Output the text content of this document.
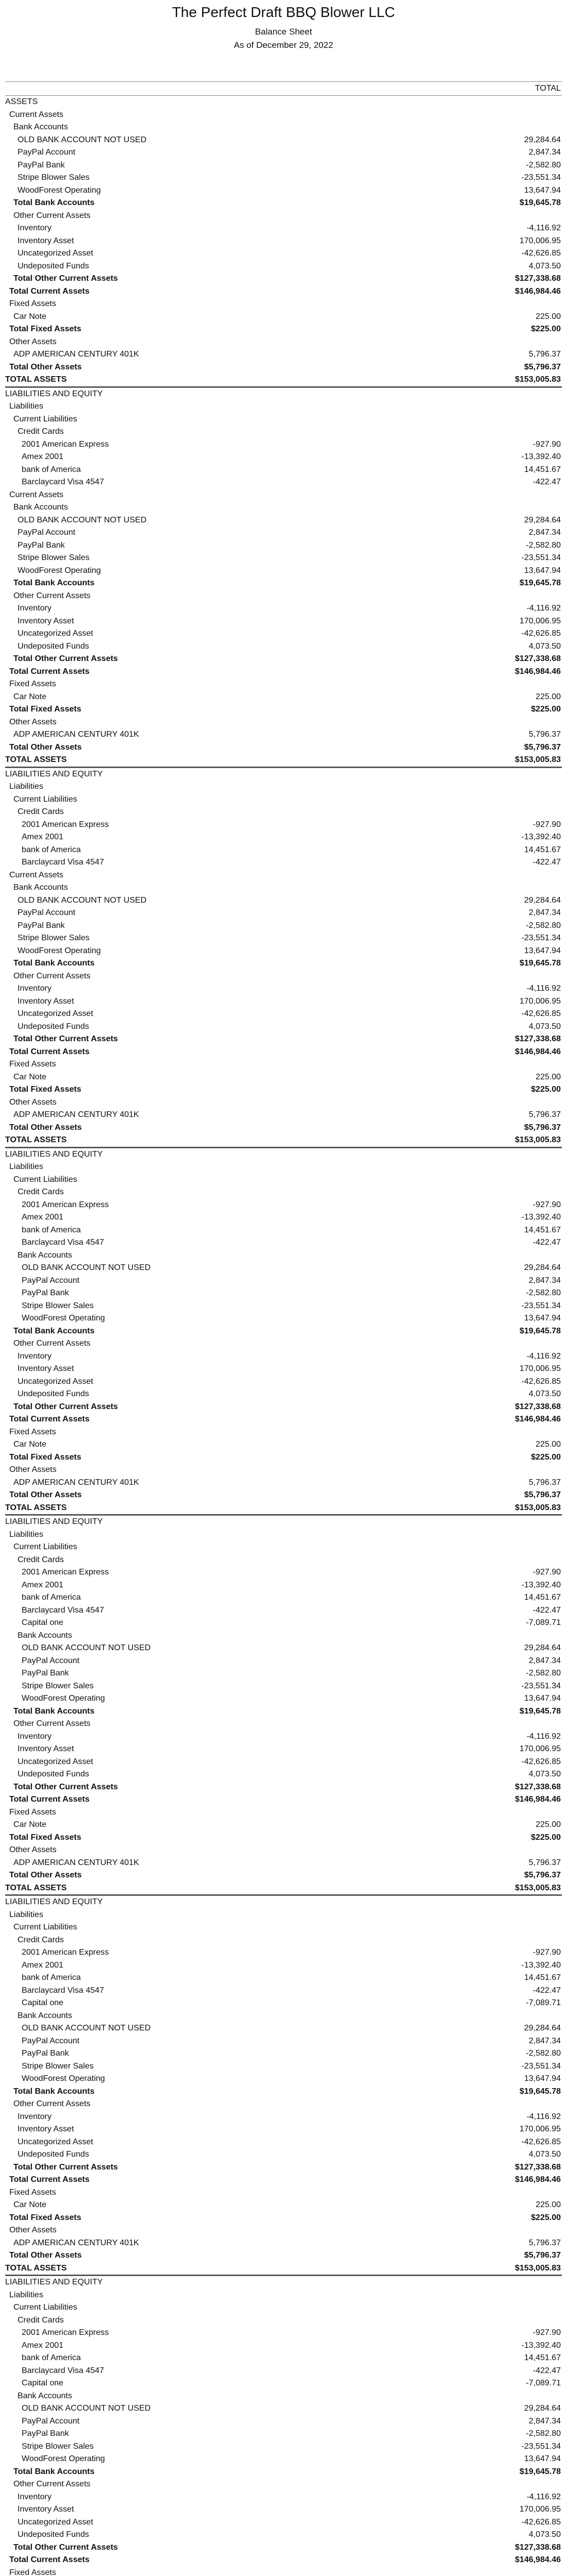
The Perfect Draft BBQ Blower LLC
Balance Sheet
As of December 29, 2022
TOTAL
ASSETS
Current Assets
Bank Accounts
OLD BANK ACCOUNT NOT USED	29,284.64
PayPal Account	2,847.34
PayPal Bank	-2,582.80
Stripe Blower Sales	-23,551.34
WoodForest Operating	13,647.94
Total Bank Accounts	$19,645.78
Other Current Assets
Inventory	-4,116.92
Inventory Asset	170,006.95
Uncategorized Asset	-42,626.85
Undeposited Funds	4,073.50
Total Other Current Assets	$127,338.68
Total Current Assets	$146,984.46
Fixed Assets
Car Note	225.00
Total Fixed Assets	$225.00
Other Assets
ADP AMERICAN CENTURY 401K	5,796.37
Total Other Assets	$5,796.37
TOTAL ASSETS	$153,005.83
LIABILITIES AND EQUITY
Liabilities
Current Liabilities
Credit Cards
2001 American Express	-927.90
Amex 2001	-13,392.40
bank of America	14,451.67
Barclaycard Visa 4547	-422.47
Current Assets
Bank Accounts
OLD BANK ACCOUNT NOT USED	29,284.64
PayPal Account	2,847.34
PayPal Bank	-2,582.80
Stripe Blower Sales	-23,551.34
WoodForest Operating	13,647.94
Total Bank Accounts	$19,645.78
Other Current Assets
Inventory	-4,116.92
Inventory Asset	170,006.95
Uncategorized Asset	-42,626.85
Undeposited Funds	4,073.50
Total Other Current Assets	$127,338.68
Total Current Assets	$146,984.46
Fixed Assets
Car Note	225.00
Total Fixed Assets	$225.00
Other Assets
ADP AMERICAN CENTURY 401K	5,796.37
Total Other Assets	$5,796.37
TOTAL ASSETS	$153,005.83
LIABILITIES AND EQUITY
Liabilities
Current Liabilities
Credit Cards
2001 American Express	-927.90
Amex 2001	-13,392.40
bank of America	14,451.67
Barclaycard Visa 4547	-422.47
Current Assets
Bank Accounts
OLD BANK ACCOUNT NOT USED	29,284.64
PayPal Account	2,847.34
PayPal Bank	-2,582.80
Stripe Blower Sales	-23,551.34
WoodForest Operating	13,647.94
Total Bank Accounts	$19,645.78
Other Current Assets
Inventory	-4,116.92
Inventory Asset	170,006.95
Uncategorized Asset	-42,626.85
Undeposited Funds	4,073.50
Total Other Current Assets	$127,338.68
Total Current Assets	$146,984.46
Fixed Assets
Car Note	225.00
Total Fixed Assets	$225.00
Other Assets
ADP AMERICAN CENTURY 401K	5,796.37
Total Other Assets	$5,796.37
TOTAL ASSETS	$153,005.83
LIABILITIES AND EQUITY
Liabilities
Current Liabilities
Credit Cards
2001 American Express	-927.90
Amex 2001	-13,392.40
bank of America	14,451.67
Barclaycard Visa 4547	-422.47
Bank Accounts
OLD BANK ACCOUNT NOT USED	29,284.64
PayPal Account	2,847.34
PayPal Bank	-2,582.80
Stripe Blower Sales	-23,551.34
WoodForest Operating	13,647.94
Total Bank Accounts	$19,645.78
Other Current Assets
Inventory	-4,116.92
Inventory Asset	170,006.95
Uncategorized Asset	-42,626.85
Undeposited Funds	4,073.50
Total Other Current Assets	$127,338.68
Total Current Assets	$146,984.46
Fixed Assets
Car Note	225.00
Total Fixed Assets	$225.00
Other Assets
ADP AMERICAN CENTURY 401K	5,796.37
Total Other Assets	$5,796.37
TOTAL ASSETS	$153,005.83
LIABILITIES AND EQUITY
Liabilities
Current Liabilities
Credit Cards
2001 American Express	-927.90
Amex 2001	-13,392.40
bank of America	14,451.67
Barclaycard Visa 4547	-422.47
Capital one	-7,089.71
Bank Accounts
OLD BANK ACCOUNT NOT USED	29,284.64
PayPal Account	2,847.34
PayPal Bank	-2,582.80
Stripe Blower Sales	-23,551.34
WoodForest Operating	13,647.94
Total Bank Accounts	$19,645.78
Other Current Assets
Inventory	-4,116.92
Inventory Asset	170,006.95
Uncategorized Asset	-42,626.85
Undeposited Funds	4,073.50
Total Other Current Assets	$127,338.68
Total Current Assets	$146,984.46
Fixed Assets
Car Note	225.00
Total Fixed Assets	$225.00
Other Assets
ADP AMERICAN CENTURY 401K	5,796.37
Total Other Assets	$5,796.37
TOTAL ASSETS	$153,005.83
LIABILITIES AND EQUITY
Liabilities
Current Liabilities
Credit Cards
2001 American Express	-927.90
Amex 2001	-13,392.40
bank of America	14,451.67
Barclaycard Visa 4547	-422.47
Capital one	-7,089.71
Bank Accounts
OLD BANK ACCOUNT NOT USED	29,284.64
PayPal Account	2,847.34
PayPal Bank	-2,582.80
Stripe Blower Sales	-23,551.34
WoodForest Operating	13,647.94
Total Bank Accounts	$19,645.78
Other Current Assets
Inventory	-4,116.92
Inventory Asset	170,006.95
Uncategorized Asset	-42,626.85
Undeposited Funds	4,073.50
Total Other Current Assets	$127,338.68
Total Current Assets	$146,984.46
Fixed Assets
Car Note	225.00
Total Fixed Assets	$225.00
Other Assets
ADP AMERICAN CENTURY 401K	5,796.37
Total Other Assets	$5,796.37
TOTAL ASSETS	$153,005.83
LIABILITIES AND EQUITY
Liabilities
Current Liabilities
Credit Cards
2001 American Express	-927.90
Amex 2001	-13,392.40
bank of America	14,451.67
Barclaycard Visa 4547	-422.47
Capital one	-7,089.71
Bank Accounts
OLD BANK ACCOUNT NOT USED	29,284.64
PayPal Account	2,847.34
PayPal Bank	-2,582.80
Stripe Blower Sales	-23,551.34
WoodForest Operating	13,647.94
Total Bank Accounts	$19,645.78
Other Current Assets
Inventory	-4,116.92
Inventory Asset	170,006.95
Uncategorized Asset	-42,626.85
Undeposited Funds	4,073.50
Total Other Current Assets	$127,338.68
Total Current Assets	$146,984.46
Fixed Assets
